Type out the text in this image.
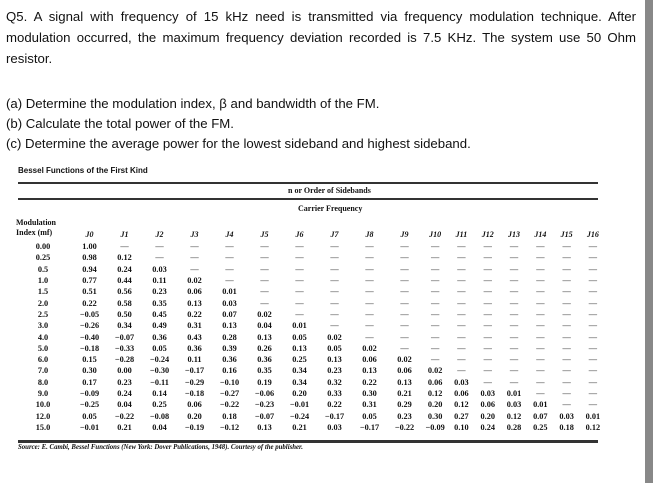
Q5. A signal with frequency of 15 kHz need is transmitted via frequency modulation technique. After modulation occurred, the maximum frequency deviation recorded is 7.5 KHz. The system use 50 Ohm resistor.
(a) Determine the modulation index, β and bandwidth of the FM.
(b) Calculate the total power of the FM.
(c) Determine the average power for the lowest sideband and highest sideband.
Bessel Functions of the First Kind
n or Order of Sidebands
Carrier Frequency
Modulation
Index (mf)
		J0	J1	J2	J3	J4	J5	J6	J7	J8	J9	J10	J11	J12	J13	J14	J15	J16
0.00	1.00	—	—	—	—	—	—	—	—	—	—	—	—	—	—	—	—
0.25	0.98	0.12	—	—	—	—	—	—	—	—	—	—	—	—	—	—	—
0.5	0.94	0.24	0.03	—	—	—	—	—	—	—	—	—	—	—	—	—	—
1.0	0.77	0.44	0.11	0.02	—	—	—	—	—	—	—	—	—	—	—	—	—
1.5	0.51	0.56	0.23	0.06	0.01	—	—	—	—	—	—	—	—	—	—	—	—
2.0	0.22	0.58	0.35	0.13	0.03	—	—	—	—	—	—	—	—	—	—	—	—
2.5	−0.05	0.50	0.45	0.22	0.07	0.02	—	—	—	—	—	—	—	—	—	—	—
3.0	−0.26	0.34	0.49	0.31	0.13	0.04	0.01	—	—	—	—	—	—	—	—	—	—
4.0	−0.40	−0.07	0.36	0.43	0.28	0.13	0.05	0.02	—	—	—	—	—	—	—	—	—
5.0	−0.18	−0.33	0.05	0.36	0.39	0.26	0.13	0.05	0.02	—	—	—	—	—	—	—	—
6.0	0.15	−0.28	−0.24	0.11	0.36	0.36	0.25	0.13	0.06	0.02	—	—	—	—	—	—	—
7.0	0.30	0.00	−0.30	−0.17	0.16	0.35	0.34	0.23	0.13	0.06	0.02	—	—	—	—	—	—
8.0	0.17	0.23	−0.11	−0.29	−0.10	0.19	0.34	0.32	0.22	0.13	0.06	0.03	—	—	—	—	—
9.0	−0.09	0.24	0.14	−0.18	−0.27	−0.06	0.20	0.33	0.30	0.21	0.12	0.06	0.03	0.01	—	—	—
10.0	−0.25	0.04	0.25	0.06	−0.22	−0.23	−0.01	0.22	0.31	0.29	0.20	0.12	0.06	0.03	0.01	—	—
12.0	0.05	−0.22	−0.08	0.20	0.18	−0.07	−0.24	−0.17	0.05	0.23	0.30	0.27	0.20	0.12	0.07	0.03	0.01
15.0	−0.01	0.21	0.04	−0.19	−0.12	0.13	0.21	0.03	−0.17	−0.22	−0.09	0.10	0.24	0.28	0.25	0.18	0.12
Source: E. Cambi, Bessel Functions (New York: Dover Publications, 1948). Courtesy of the publisher.
